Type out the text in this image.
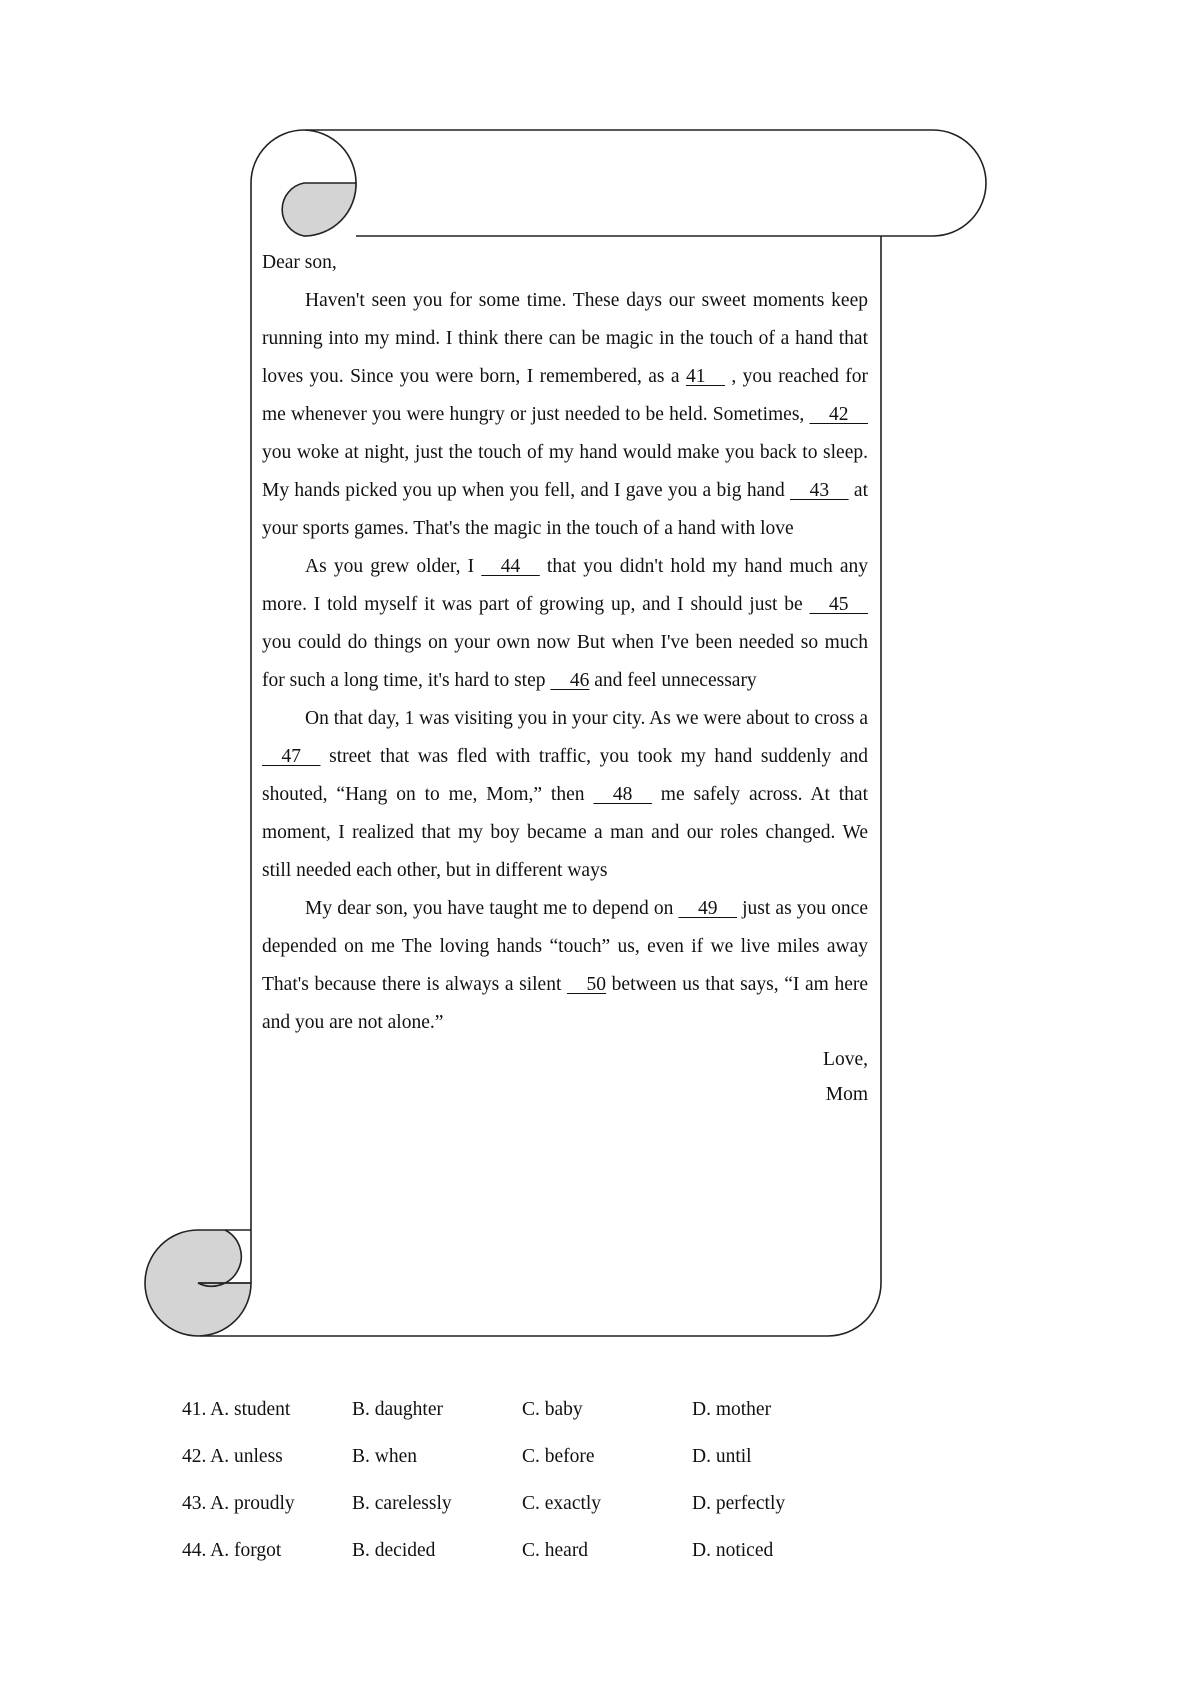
Dear son,

Haven't seen you for some time. These days our sweet moments keep running into my mind. I think there can be magic in the touch of a hand that loves you. Since you were born, I remembered, as a 41     , you reached for me whenever you were hungry or just needed to be held. Sometimes,     42     you woke at night, just the touch of my hand would make you back to sleep. My hands picked you up when you fell, and I gave you a big hand     43     at your sports games. That's the magic in the touch of a hand with love

As you grew older, I     44     that you didn't hold my hand much any more. I told myself it was part of growing up, and I should just be     45     you could do things on your own now But when I've been needed so much for such a long time, it's hard to step     46 and feel unnecessary

On that day, 1 was visiting you in your city. As we were about to cross a     47     street that was fled with traffic, you took my hand suddenly and shouted, “Hang on to me, Mom,” then     48     me safely across. At that moment, I realized that my boy became a man and our roles changed. We still needed each other, but in different ways

My dear son, you have taught me to depend on     49     just as you once depended on me The loving hands “touch” us, even if we live miles away That's because there is always a silent     50 between us that says, “I am here and you are not alone.”

Love,

Mom

41. A. student	B. daughter	C. baby	D. mother
42. A. unless	B. when	C. before	D. until
43. A. proudly	B. carelessly	C. exactly	D. perfectly
44. A. forgot	B. decided	C. heard	D. noticed
